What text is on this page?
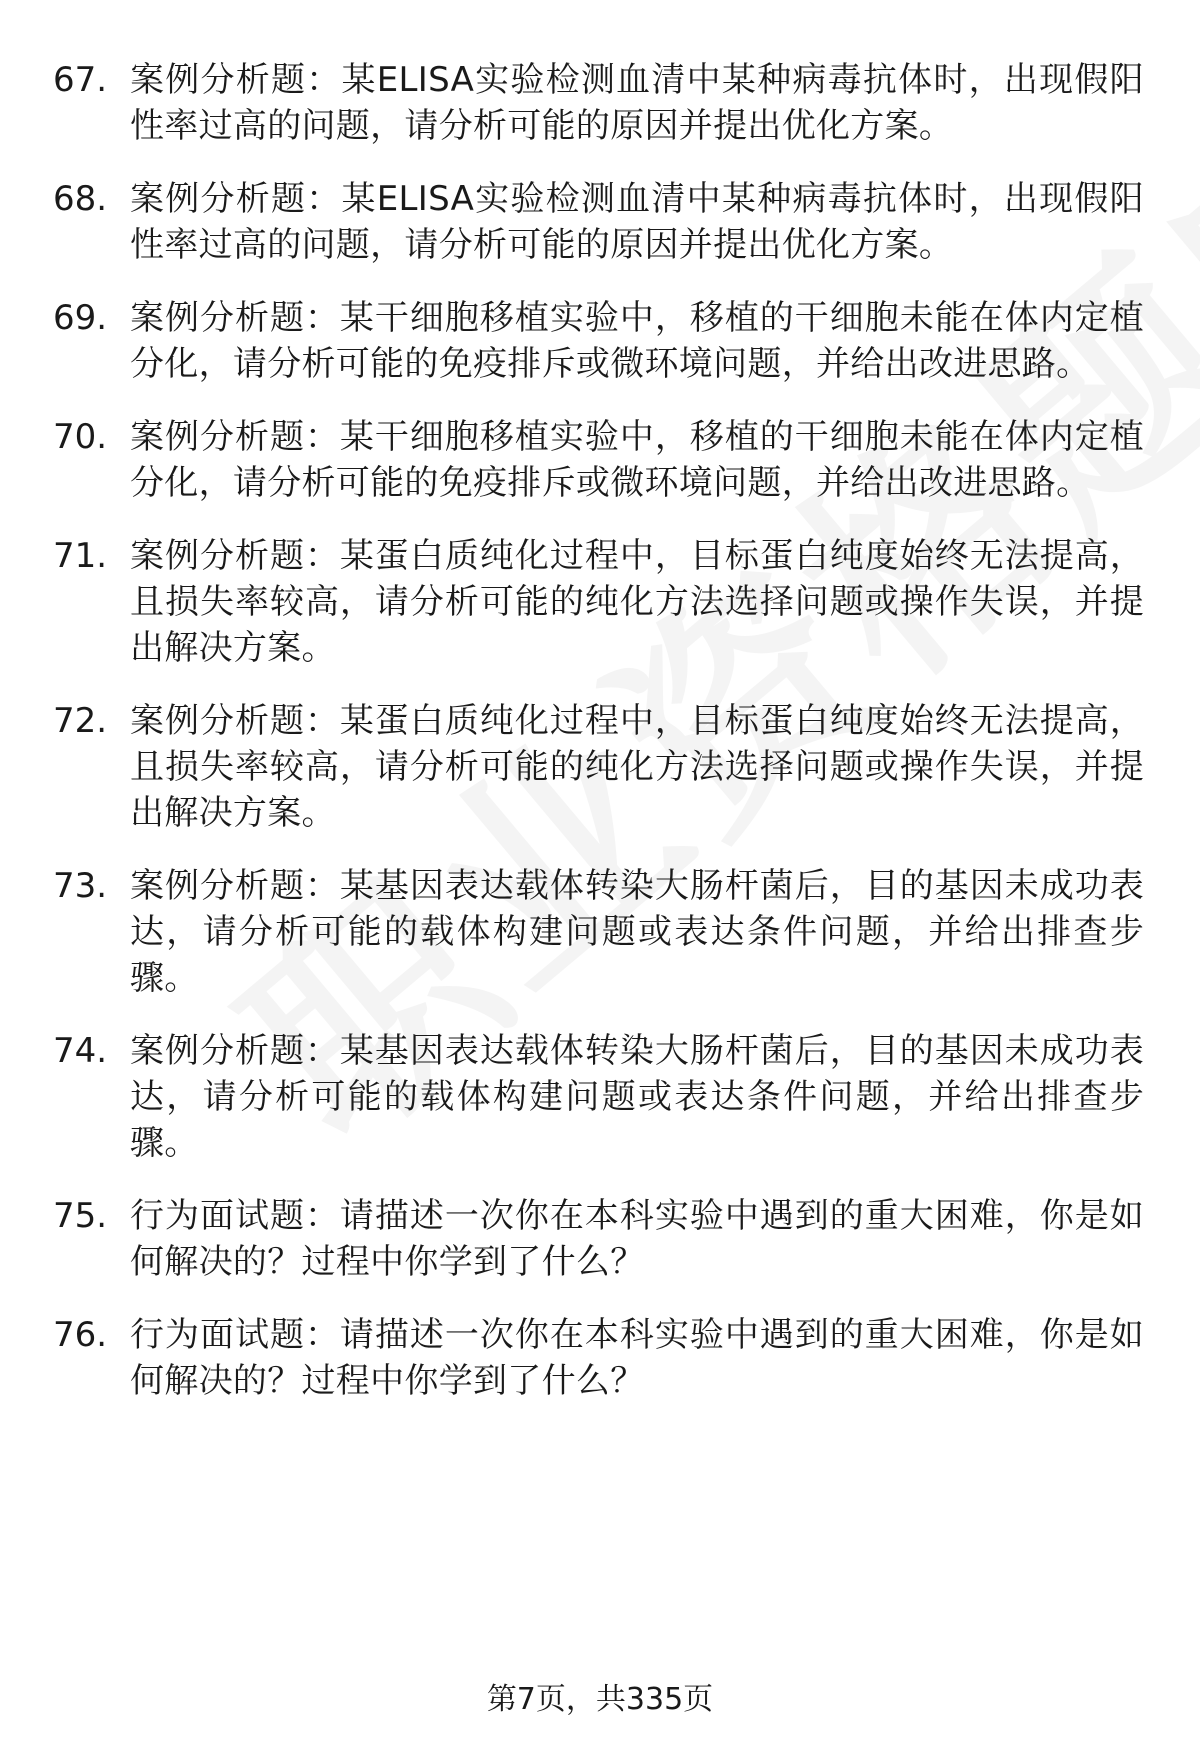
67. 案例分析题：某ELISA实验检测血清中某种病毒抗体时，出现假阳性率过高的问题，请分析可能的原因并提出优化方案。
68. 案例分析题：某ELISA实验检测血清中某种病毒抗体时，出现假阳性率过高的问题，请分析可能的原因并提出优化方案。
69. 案例分析题：某干细胞移植实验中，移植的干细胞未能在体内定植分化，请分析可能的免疫排斥或微环境问题，并给出改进思路。
70. 案例分析题：某干细胞移植实验中，移植的干细胞未能在体内定植分化，请分析可能的免疫排斥或微环境问题，并给出改进思路。
71. 案例分析题：某蛋白质纯化过程中，目标蛋白纯度始终无法提高，且损失率较高，请分析可能的纯化方法选择问题或操作失误，并提出解决方案。
72. 案例分析题：某蛋白质纯化过程中，目标蛋白纯度始终无法提高，且损失率较高，请分析可能的纯化方法选择问题或操作失误，并提出解决方案。
73. 案例分析题：某基因表达载体转染大肠杆菌后，目的基因未成功表达，请分析可能的载体构建问题或表达条件问题，并给出排查步骤。
74. 案例分析题：某基因表达载体转染大肠杆菌后，目的基因未成功表达，请分析可能的载体构建问题或表达条件问题，并给出排查步骤。
75. 行为面试题：请描述一次你在本科实验中遇到的重大困难，你是如何解决的？过程中你学到了什么？
76. 行为面试题：请描述一次你在本科实验中遇到的重大困难，你是如何解决的？过程中你学到了什么？
第7页，共335页
